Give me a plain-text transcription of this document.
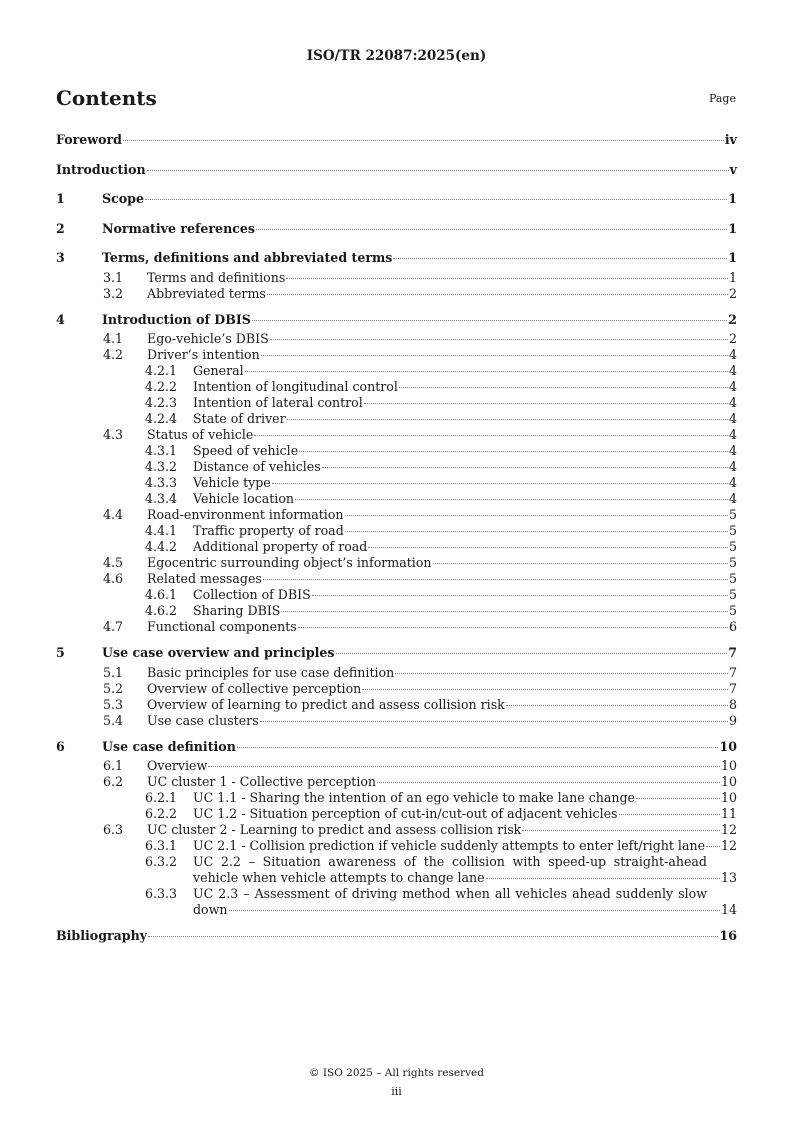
ISO/TR 22087:2025(en)
Contents	Page
Foreword	iv
Introduction	v
1	Scope	1
2	Normative references	1
3	Terms, definitions and abbreviated terms	1
3.1	Terms and definitions	1
3.2	Abbreviated terms	2
4	Introduction of DBIS	2
4.1	Ego-vehicle’s DBIS	2
4.2	Driver’s intention	4
4.2.1	General	4
4.2.2	Intention of longitudinal control	4
4.2.3	Intention of lateral control	4
4.2.4	State of driver	4
4.3	Status of vehicle	4
4.3.1	Speed of vehicle	4
4.3.2	Distance of vehicles	4
4.3.3	Vehicle type	4
4.3.4	Vehicle location	4
4.4	Road-environment information	5
4.4.1	Traffic property of road	5
4.4.2	Additional property of road	5
4.5	Egocentric surrounding object’s information	5
4.6	Related messages	5
4.6.1	Collection of DBIS	5
4.6.2	Sharing DBIS	5
4.7	Functional components	6
5	Use case overview and principles	7
5.1	Basic principles for use case definition	7
5.2	Overview of collective perception	7
5.3	Overview of learning to predict and assess collision risk	8
5.4	Use case clusters	9
6	Use case definition	10
6.1	Overview	10
6.2	UC cluster 1 - Collective perception	10
6.2.1	UC 1.1 - Sharing the intention of an ego vehicle to make lane change	10
6.2.2	UC 1.2 - Situation perception of cut-in/cut-out of adjacent vehicles	11
6.3	UC cluster 2 - Learning to predict and assess collision risk	12
6.3.1	UC 2.1 - Collision prediction if vehicle suddenly attempts to enter left/right lane 12
6.3.2	UC 2.2 – Situation awareness of the collision with speed-up straight-ahead
vehicle when vehicle attempts to change lane	13
6.3.3	UC 2.3 – Assessment of driving method when all vehicles ahead suddenly slow
down	14
Bibliography	16
© ISO 2025 – All rights reserved
iii
